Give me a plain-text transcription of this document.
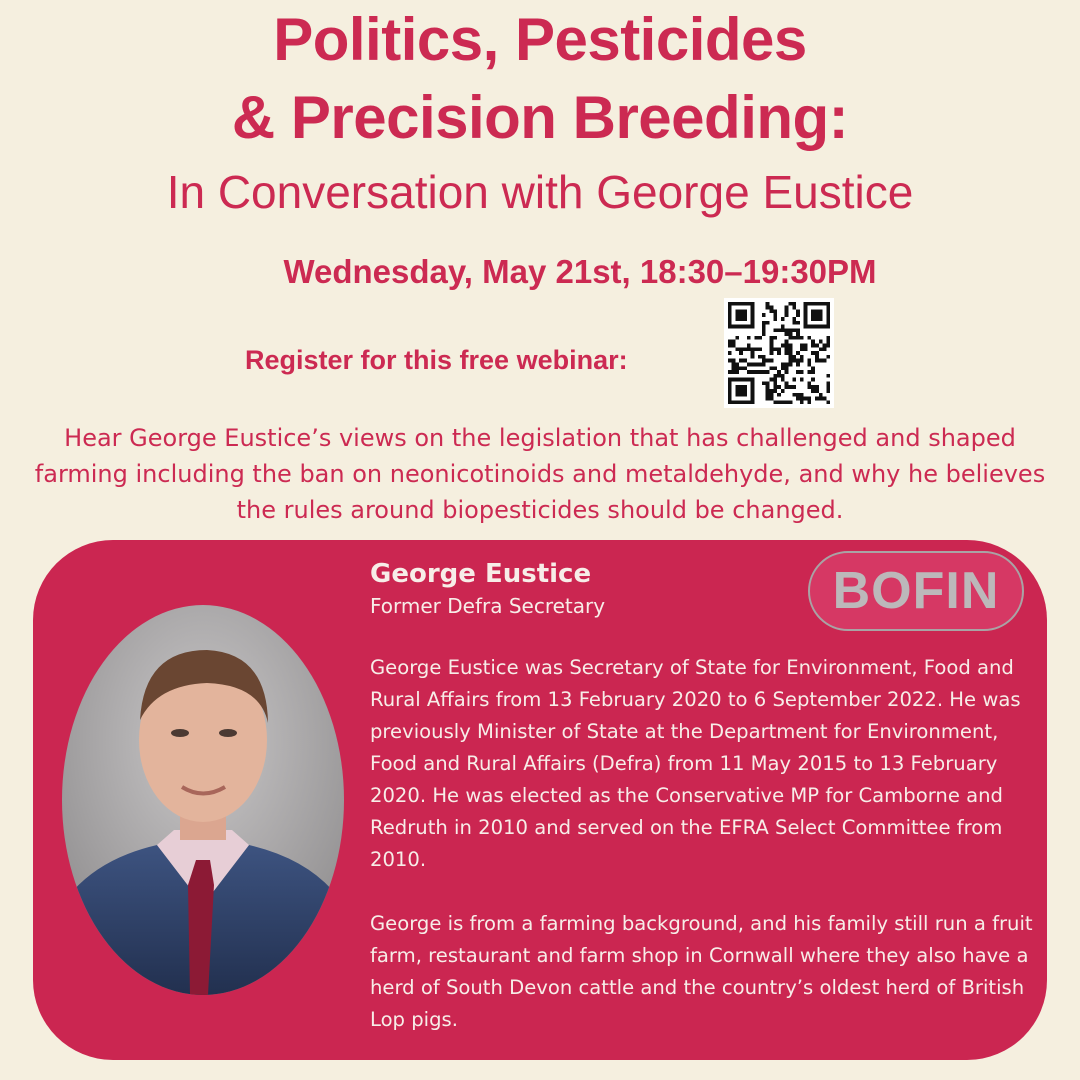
Politics, Pesticides
& Precision Breeding:
In Conversation with George Eustice
Wednesday, May 21st, 18:30–19:30PM
Register for this free webinar:
Hear George Eustice’s views on the legislation that has challenged and shaped farming including the ban on neonicotinoids and metaldehyde, and why he believes the rules around biopesticides should be changed.
George Eustice
Former Defra Secretary	BOFIN

George Eustice was Secretary of State for Environment, Food and Rural Affairs from 13 February 2020 to 6 September 2022. He was previously Minister of State at the Department for Environment, Food and Rural Affairs (Defra) from 11 May 2015 to 13 February 2020. He was elected as the Conservative MP for Camborne and Redruth in 2010 and served on the EFRA Select Committee from 2010.

George is from a farming background, and his family still run a fruit farm, restaurant and farm shop in Cornwall where they also have a herd of South Devon cattle and the country’s oldest herd of British Lop pigs.
